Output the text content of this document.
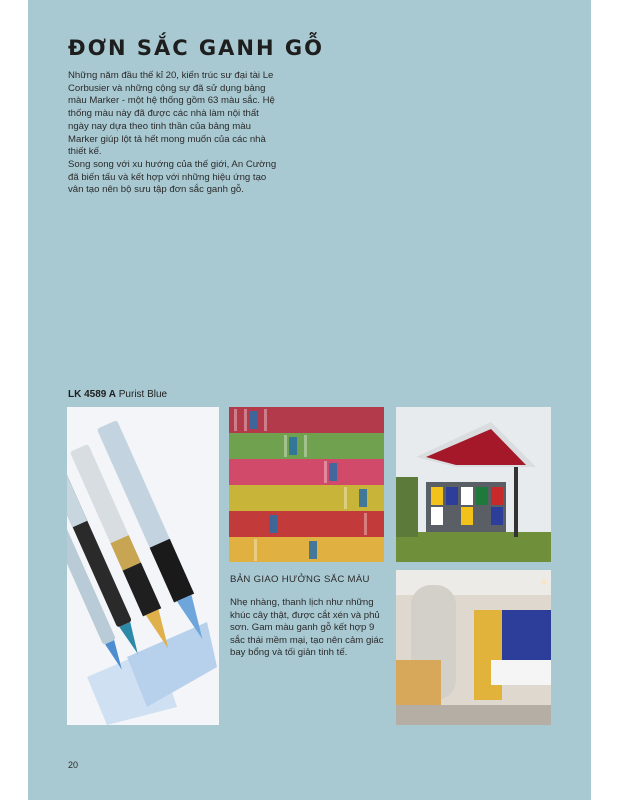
ĐƠN SẮC GANH GỖ

Những năm đầu thế kỉ 20, kiến trúc sư đại tài Le Corbusier và những cộng sự đã sử dụng bảng màu Marker - một hệ thống gồm 63 màu sắc. Hệ thống màu này đã được các nhà làm nội thất ngày nay dựa theo tinh thần của bảng màu Marker giúp lột tả hết mong muốn của các nhà thiết kế.

Song song với xu hướng của thế giới, An Cường đã biến tấu và kết hợp với những hiệu ứng tạo vân tạo nên bộ sưu tập đơn sắc ganh gỗ.

LK 4589 A Purist Blue
BẢN GIAO HƯỞNG SẮC MÀU
Nhẹ nhàng, thanh lịch như những khúc cây thật, được cắt xén và phủ sơn. Gam màu ganh gỗ kết hợp 9 sắc thái mềm mại, tạo nên cảm giác bay bổng và tối giản tinh tế.
20
